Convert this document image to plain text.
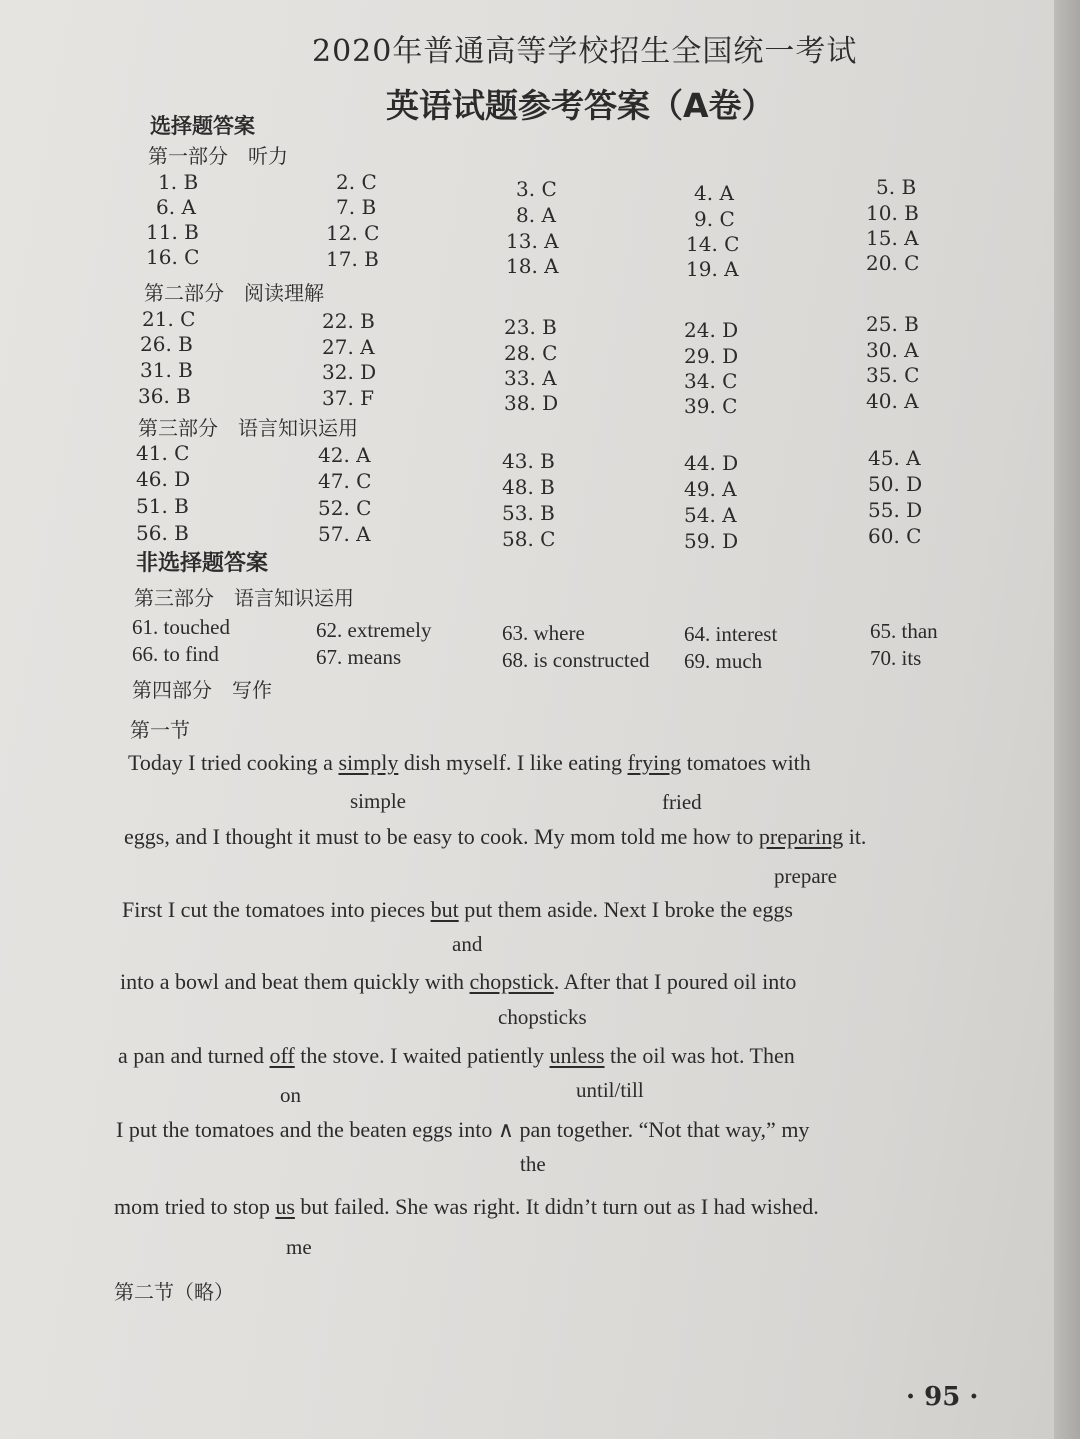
2020年普通高等学校招生全国统一考试
英语试题参考答案（A卷）
选择题答案
第一部分　听力
1. B	2. C	3. C	4. A	5. B
6. A	7. B	8. A	9. C	10. B
11. B	12. C	13. A	14. C	15. A
16. C	17. B	18. A	19. A	20. C
第二部分　阅读理解
21. C	22. B	23. B	24. D	25. B
26. B	27. A	28. C	29. D	30. A
31. B	32. D	33. A	34. C	35. C
36. B	37. F	38. D	39. C	40. A
第三部分　语言知识运用
41. C	42. A	43. B	44. D	45. A
46. D	47. C	48. B	49. A	50. D
51. B	52. C	53. B	54. A	55. D
56. B	57. A	58. C	59. D	60. C
非选择题答案
第三部分　语言知识运用
61. touched	62. extremely	63. where	64. interest	65. than
66. to find	67. means	68. is constructed 69. much	70. its
第四部分　写作
第一节
Today I tried cooking a simply dish myself. I like eating frying tomatoes with
simple	fried
eggs, and I thought it must to be easy to cook. My mom told me how to preparing it.
prepare
First I cut the tomatoes into pieces but put them aside. Next I broke the eggs
and
into a bowl and beat them quickly with chopstick. After that I poured oil into
chopsticks
a pan and turned off the stove. I waited patiently unless the oil was hot. Then
on	until/till
I put the tomatoes and the beaten eggs into ∧ pan together. “Not that way,” my
the
mom tried to stop us but failed. She was right. It didn’t turn out as I had wished.
me
第二节（略）
· 95 ·
